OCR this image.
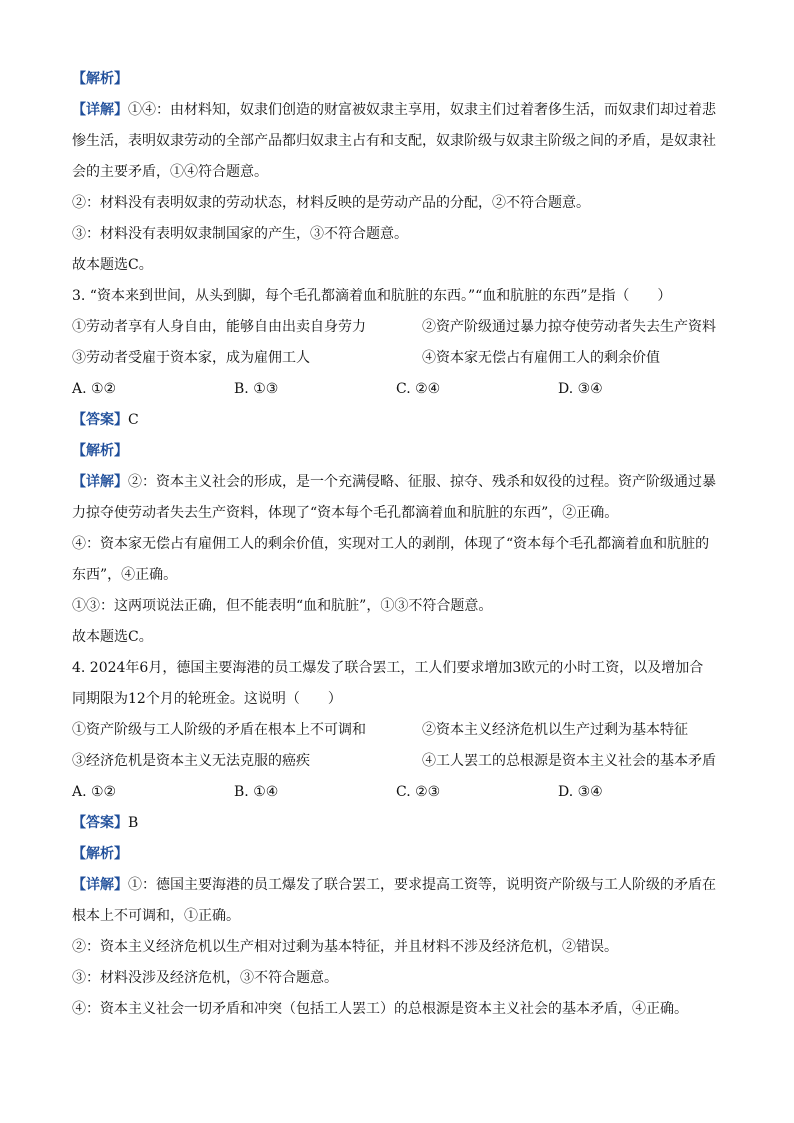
【解析】
【详解】①④：由材料知，奴隶们创造的财富被奴隶主享用，奴隶主们过着奢侈生活，而奴隶们却过着悲
惨生活，表明奴隶劳动的全部产品都归奴隶主占有和支配，奴隶阶级与奴隶主阶级之间的矛盾，是奴隶社
会的主要矛盾，①④符合题意。
②：材料没有表明奴隶的劳动状态，材料反映的是劳动产品的分配，②不符合题意。
③：材料没有表明奴隶制国家的产生，③不符合题意。
故本题选C。
3. “资本来到世间，从头到脚，每个毛孔都滴着血和肮脏的东西。”“血和肮脏的东西”是指（　　）
①劳动者享有人身自由，能够自由出卖自身劳力	②资产阶级通过暴力掠夺使劳动者失去生产资料
③劳动者受雇于资本家，成为雇佣工人	④资本家无偿占有雇佣工人的剩余价值
A. ①②	B. ①③	C. ②④	D. ③④
【答案】C
【解析】
【详解】②：资本主义社会的形成，是一个充满侵略、征服、掠夺、残杀和奴役的过程。资产阶级通过暴
力掠夺使劳动者失去生产资料，体现了“资本每个毛孔都滴着血和肮脏的东西”，②正确。
④：资本家无偿占有雇佣工人的剩余价值，实现对工人的剥削，体现了“资本每个毛孔都滴着血和肮脏的
东西”，④正确。
①③：这两项说法正确，但不能表明“血和肮脏”，①③不符合题意。
故本题选C。
4. 2024年6月，德国主要海港的员工爆发了联合罢工，工人们要求增加3欧元的小时工资，以及增加合
同期限为12个月的轮班金。这说明（　　）
①资产阶级与工人阶级的矛盾在根本上不可调和	②资本主义经济危机以生产过剩为基本特征
③经济危机是资本主义无法克服的癌疾	④工人罢工的总根源是资本主义社会的基本矛盾
A. ①②	B. ①④	C. ②③	D. ③④
【答案】B
【解析】
【详解】①：德国主要海港的员工爆发了联合罢工，要求提高工资等，说明资产阶级与工人阶级的矛盾在
根本上不可调和，①正确。
②：资本主义经济危机以生产相对过剩为基本特征，并且材料不涉及经济危机，②错误。
③：材料没涉及经济危机，③不符合题意。
④：资本主义社会一切矛盾和冲突（包括工人罢工）的总根源是资本主义社会的基本矛盾，④正确。
